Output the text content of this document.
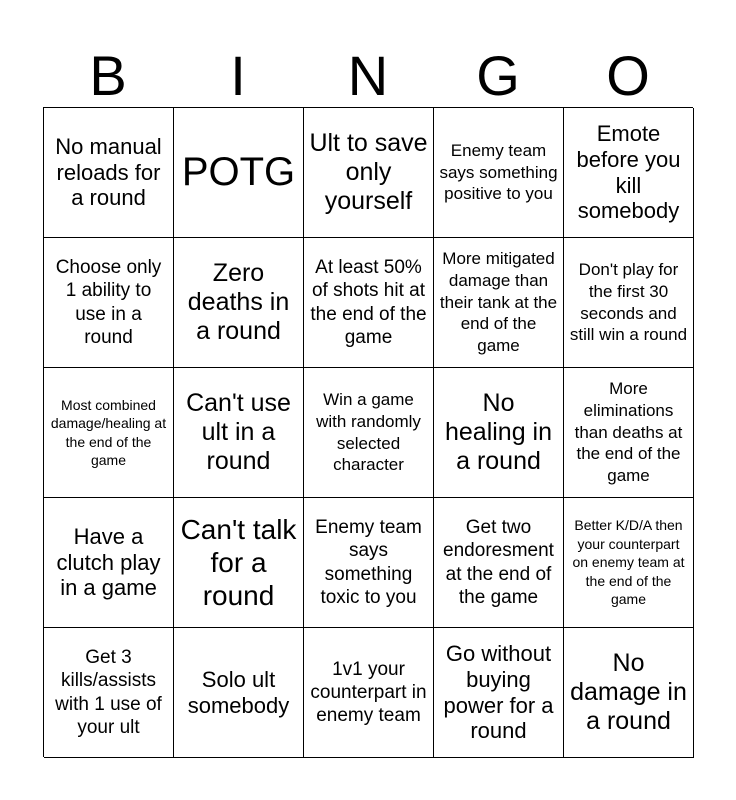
B	I	N	G	O
No manual reloads for a round
POTG
Ult to save only yourself
Enemy team says something positive to you
Emote before you kill somebody
Choose only 1 ability to use in a round
Zero deaths in a round
At least 50% of shots hit at the end of the game
More mitigated damage than their tank at the end of the game
Don't play for the first 30 seconds and still win a round
Most combined damage/healing at the end of the game
Can't use ult in a round
Win a game with randomly selected character
No healing in a round
More eliminations than deaths at the end of the game
Have a clutch play in a game
Can't talk for a round
Enemy team says something toxic to you
Get two endoresment at the end of the game
Better K/D/A then your counterpart on enemy team at the end of the game
Get 3 kills/assists with 1 use of your ult
Solo ult somebody
1v1 your counterpart in enemy team
Go without buying power for a round
No damage in a round
